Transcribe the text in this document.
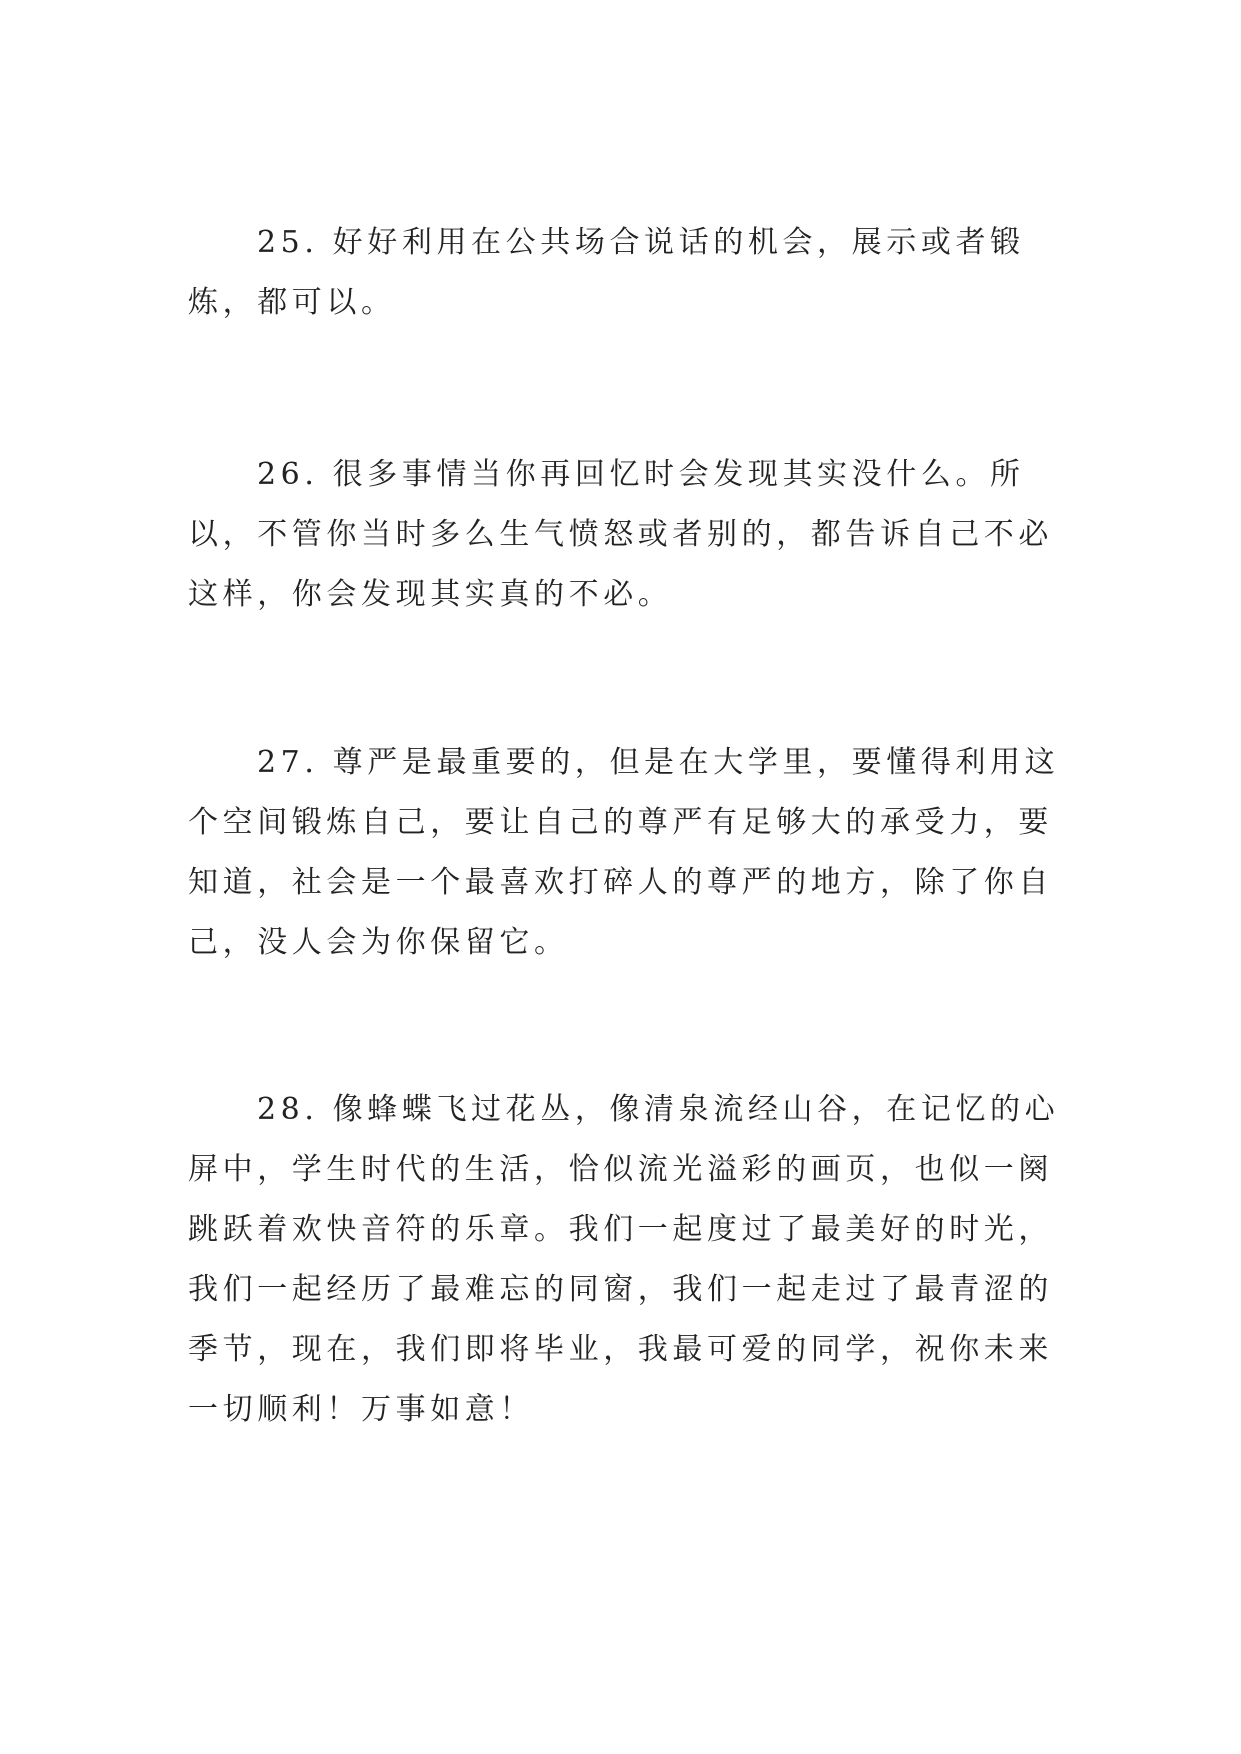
25. 好好利用在公共场合说话的机会，展示或者锻炼，都可以。

26. 很多事情当你再回忆时会发现其实没什么。所以，不管你当时多么生气愤怒或者别的，都告诉自己不必这样，你会发现其实真的不必。

27. 尊严是最重要的，但是在大学里，要懂得利用这个空间锻炼自己，要让自己的尊严有足够大的承受力，要知道，社会是一个最喜欢打碎人的尊严的地方，除了你自己，没人会为你保留它。

28. 像蜂蝶飞过花丛，像清泉流经山谷，在记忆的心屏中，学生时代的生活，恰似流光溢彩的画页，也似一阕跳跃着欢快音符的乐章。我们一起度过了最美好的时光，我们一起经历了最难忘的同窗，我们一起走过了最青涩的季节，现在，我们即将毕业，我最可爱的同学，祝你未来一切顺利！万事如意！
